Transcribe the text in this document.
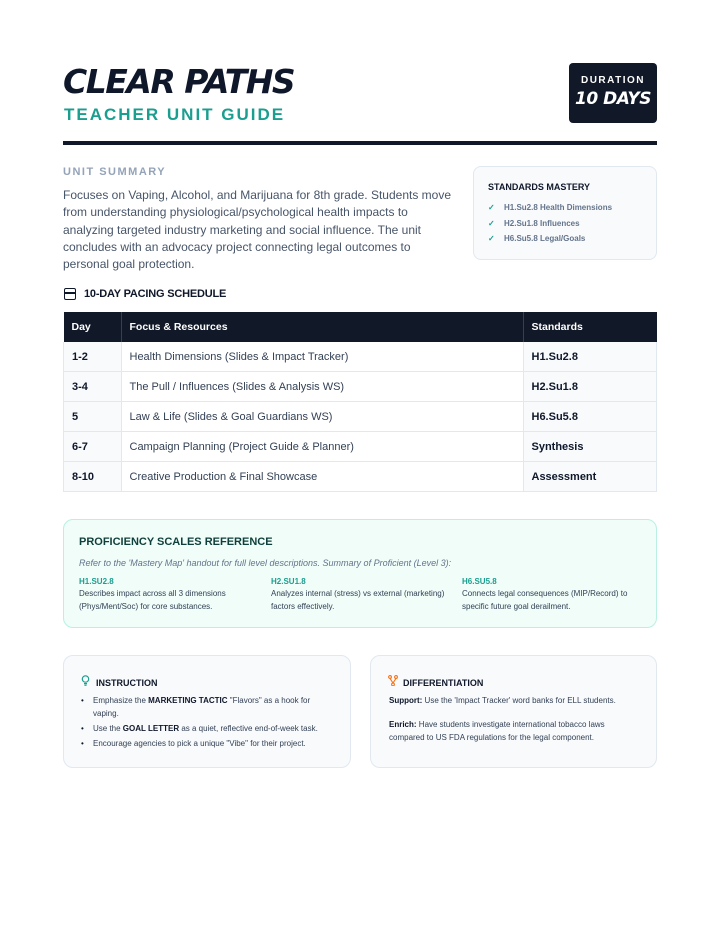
CLEAR PATHS
TEACHER UNIT GUIDE
DURATION
10 DAYS
UNIT SUMMARY
Focuses on Vaping, Alcohol, and Marijuana for 8th grade. Students move from understanding physiological/psychological health impacts to analyzing targeted industry marketing and social influence. The unit concludes with an advocacy project connecting legal outcomes to personal goal protection.
STANDARDS MASTERY
✓ H1.Su2.8 Health Dimensions
✓ H2.Su1.8 Influences
✓ H6.Su5.8 Legal/Goals
10-DAY PACING SCHEDULE
Day	Focus & Resources	Standards
1-2	Health Dimensions (Slides & Impact Tracker)	H1.Su2.8
3-4	The Pull / Influences (Slides & Analysis WS)	H2.Su1.8
5	Law & Life (Slides & Goal Guardians WS)	H6.Su5.8
6-7	Campaign Planning (Project Guide & Planner)	Synthesis
8-10	Creative Production & Final Showcase	Assessment
PROFICIENCY SCALES REFERENCE
Refer to the 'Mastery Map' handout for full level descriptions. Summary of Proficient (Level 3):
H1.SU2.8
Describes impact across all 3 dimensions (Phys/Ment/Soc) for core substances.
H2.SU1.8
Analyzes internal (stress) vs external (marketing) factors effectively.
H6.SU5.8
Connects legal consequences (MIP/Record) to specific future goal derailment.
INSTRUCTION
• Emphasize the MARKETING TACTIC "Flavors" as a hook for vaping.
• Use the GOAL LETTER as a quiet, reflective end-of-week task.
• Encourage agencies to pick a unique "Vibe" for their project.
DIFFERENTIATION
Support: Use the 'Impact Tracker' word banks for ELL students.
Enrich: Have students investigate international tobacco laws compared to US FDA regulations for the legal component.
